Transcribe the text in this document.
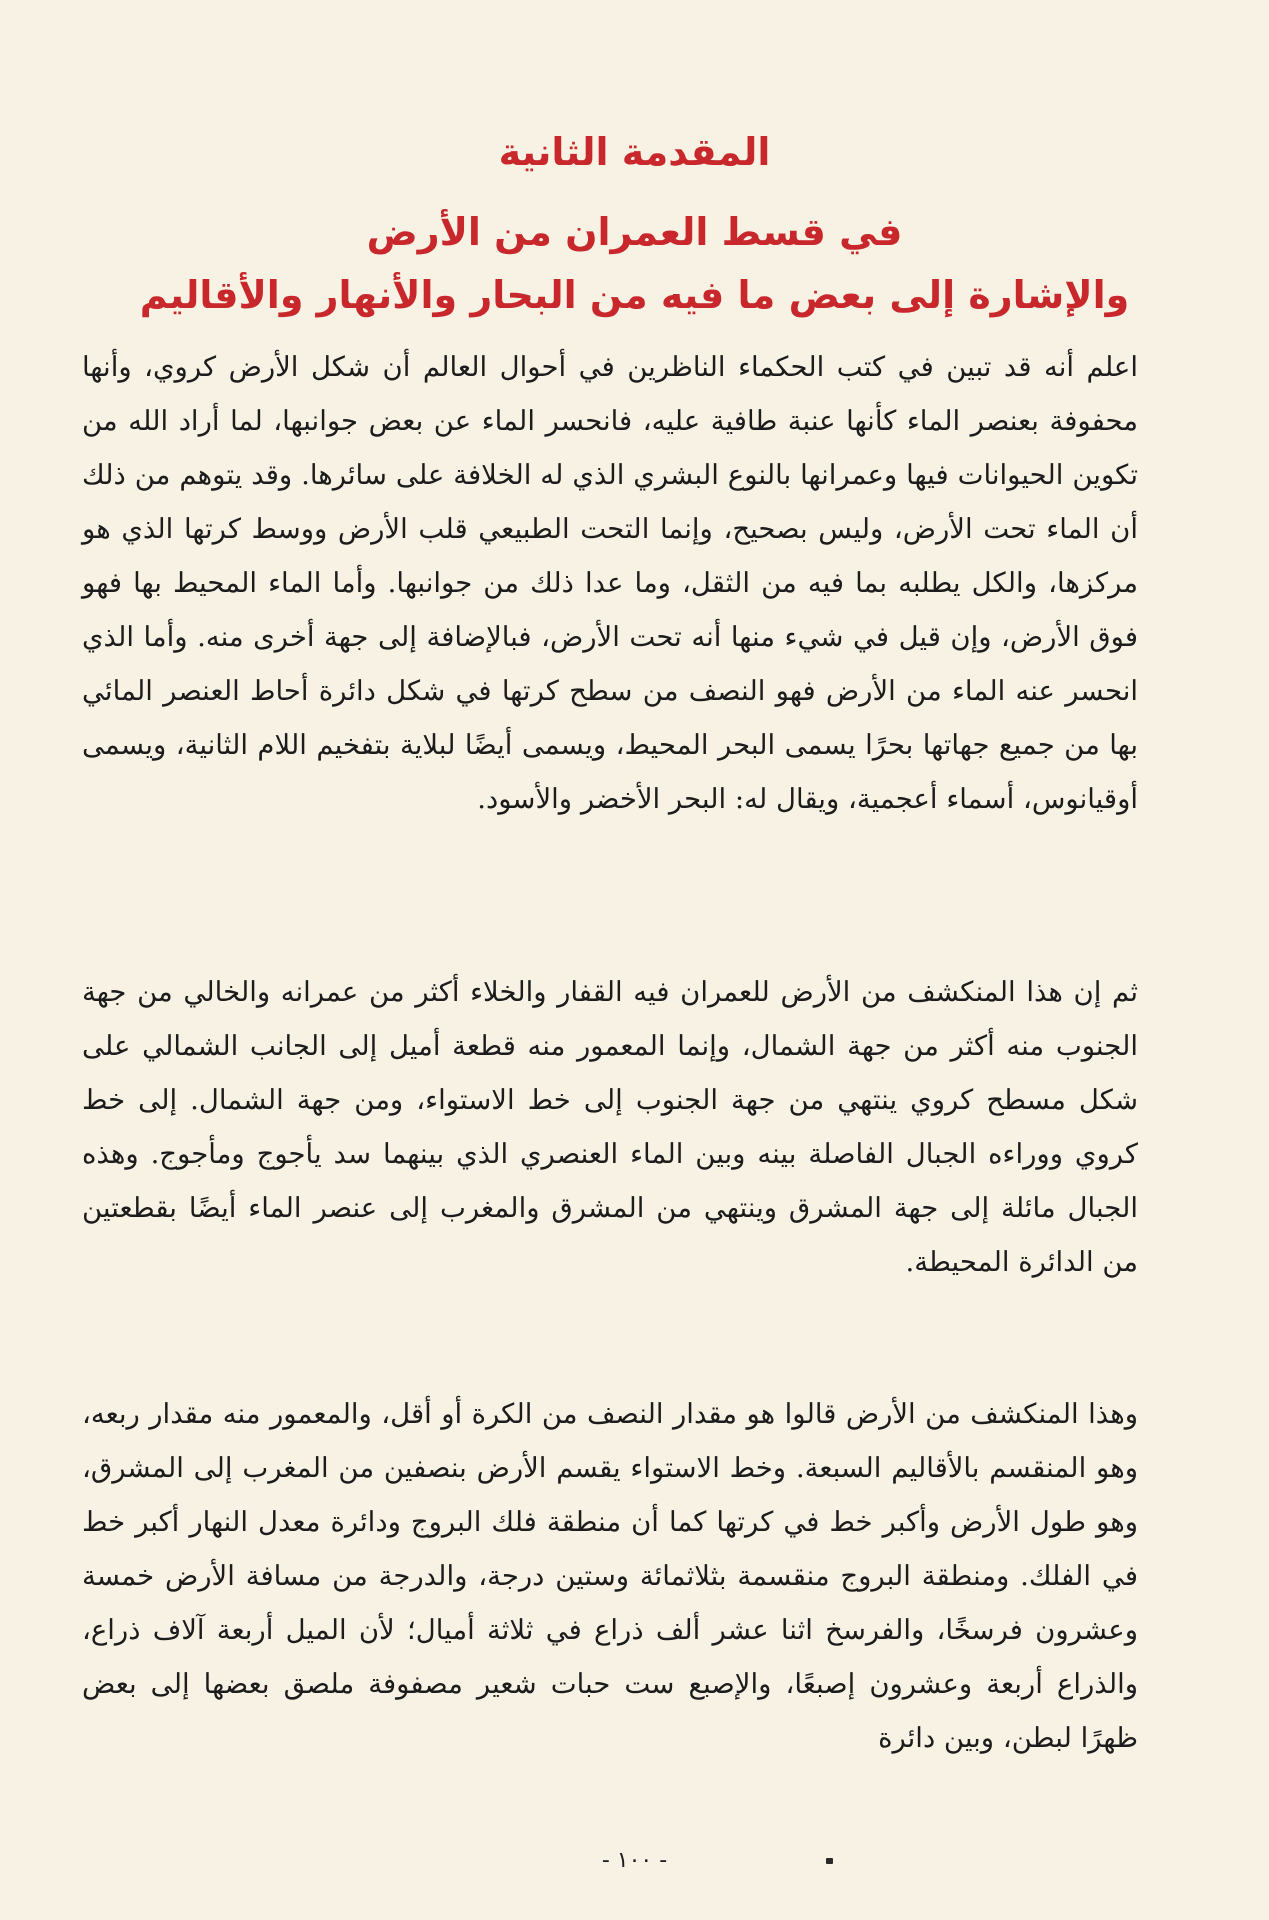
المقدمة الثانية
في قسط العمران من الأرض
والإشارة إلى بعض ما فيه من البحار والأنهار والأقاليم

اعلم أنه قد تبين في كتب الحكماء الناظرين في أحوال العالم أن شكل الأرض كروي، وأنها محفوفة بعنصر الماء كأنها عنبة طافية عليه، فانحسر الماء عن بعض جوانبها، لما أراد الله من تكوين الحيوانات فيها وعمرانها بالنوع البشري الذي له الخلافة على سائرها. وقد يتوهم من ذلك أن الماء تحت الأرض، وليس بصحيح، وإنما التحت الطبيعي قلب الأرض ووسط كرتها الذي هو مركزها، والكل يطلبه بما فيه من الثقل، وما عدا ذلك من جوانبها. وأما الماء المحيط بها فهو فوق الأرض، وإن قيل في شيء منها أنه تحت الأرض، فبالإضافة إلى جهة أخرى منه. وأما الذي انحسر عنه الماء من الأرض فهو النصف من سطح كرتها في شكل دائرة أحاط العنصر المائي بها من جميع جهاتها بحرًا يسمى البحر المحيط، ويسمى أيضًا لبلاية بتفخيم اللام الثانية، ويسمى أوقيانوس، أسماء أعجمية، ويقال له: البحر الأخضر والأسود.

ثم إن هذا المنكشف من الأرض للعمران فيه القفار والخلاء أكثر من عمرانه والخالي من جهة الجنوب منه أكثر من جهة الشمال، وإنما المعمور منه قطعة أميل إلى الجانب الشمالي على شكل مسطح كروي ينتهي من جهة الجنوب إلى خط الاستواء، ومن جهة الشمال. إلى خط كروي ووراءه الجبال الفاصلة بينه وبين الماء العنصري الذي بينهما سد يأجوج ومأجوج. وهذه الجبال مائلة إلى جهة المشرق وينتهي من المشرق والمغرب إلى عنصر الماء أيضًا بقطعتين من الدائرة المحيطة.

وهذا المنكشف من الأرض قالوا هو مقدار النصف من الكرة أو أقل، والمعمور منه مقدار ربعه، وهو المنقسم بالأقاليم السبعة. وخط الاستواء يقسم الأرض بنصفين من المغرب إلى المشرق، وهو طول الأرض وأكبر خط في كرتها كما أن منطقة فلك البروج ودائرة معدل النهار أكبر خط في الفلك. ومنطقة البروج منقسمة بثلاثمائة وستين درجة، والدرجة من مسافة الأرض خمسة وعشرون فرسخًا، والفرسخ اثنا عشر ألف ذراع في ثلاثة أميال؛ لأن الميل أربعة آلاف ذراع، والذراع أربعة وعشرون إصبعًا، والإصبع ست حبات شعير مصفوفة ملصق بعضها إلى بعض ظهرًا لبطن، وبين دائرة

- ١٠٠ -
